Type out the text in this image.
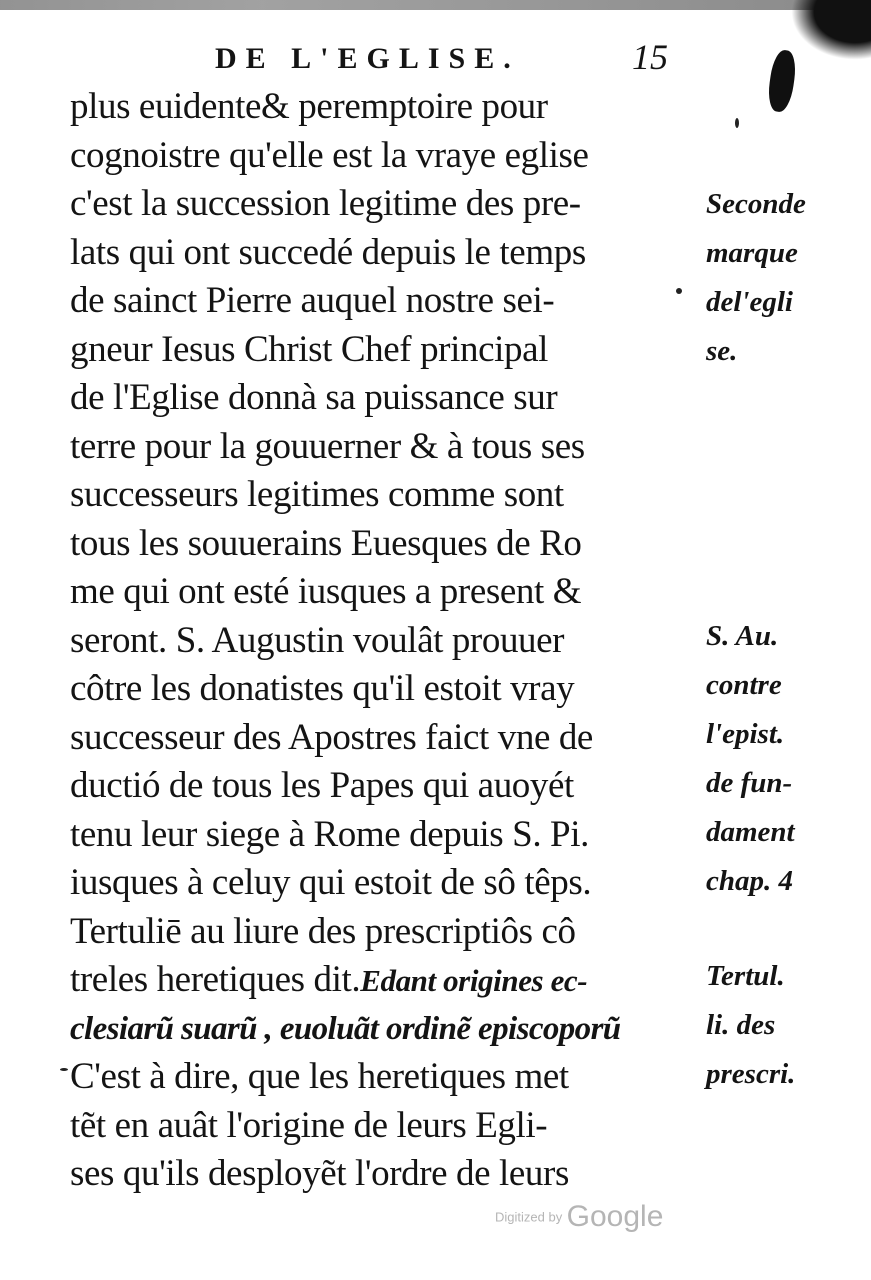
DE L'EGLISE.	15
plus euidente& peremptoire pour
cognoistre qu'elle est la vraye eglise
c'est la succession legitime des pre-
lats qui ont succedé depuis le temps
de sainct Pierre auquel nostre sei-
gneur Iesus Christ Chef principal
de l'Eglise donnà sa puissance sur
terre pour la gouuerner & à tous ses
successeurs legitimes comme sont
tous les souuerains Euesques de Ro
me qui ont esté iusques a present &
seront. S. Augustin voulât prouuer
côtre les donatistes qu'il estoit vray
successeur des Apostres faict vne de
ductió de tous les Papes qui auoyét
tenu leur siege à Rome depuis S. Pi.
iusques à celuy qui estoit de sô têps.
Tertuliē au liure des prescriptiôs cô
treles heretiques dit.Edant origines ec-
clesiarũ suarũ , euoluãt ordinẽ episcoporũ
C'est à dire, que les heretiques met
tẽt en auât l'origine de leurs Egli-
ses qu'ils desployẽt l'ordre de leurs
Seconde
marque
del'egli
se.
S. Au.
contre
l'epist.
de fun-
dament
chap. 4
Tertul.
li. des
prescri.
Digitized by Google
